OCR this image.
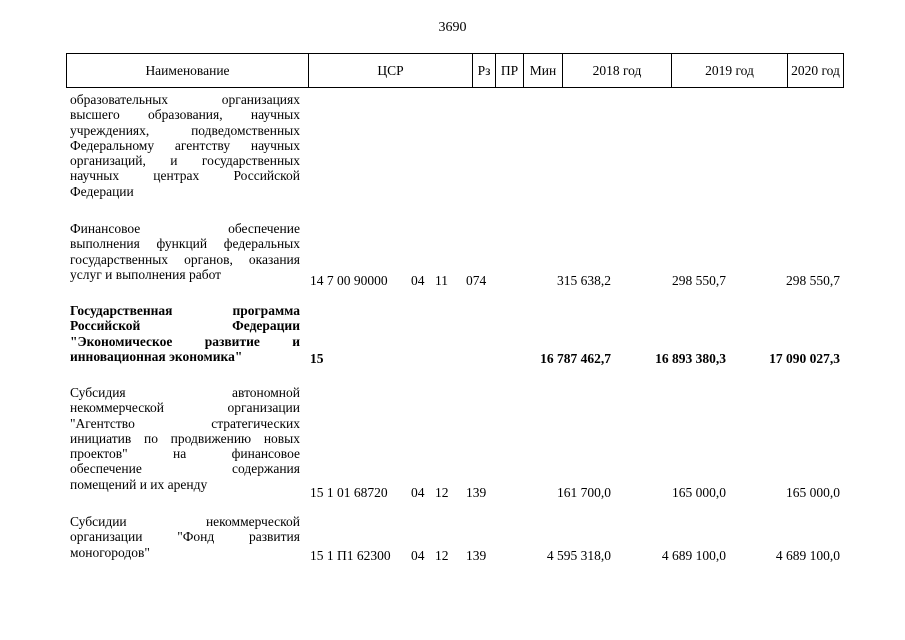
3690
Наименование	ЦСР	Рз ПР Мин	2018 год	2019 год	2020 год
образовательных организациях
высшего образования, научных
учреждениях, подведомственных
Федеральному агентству научных
организаций, и государственных
научных центрах Российской
Федерации
Финансовое обеспечение
выполнения функций федеральных
государственных органов, оказания
услуг и выполнения работ	14 7 00 90000 04 11 074	315 638,2	298 550,7	298 550,7
Государственная программа
Российской Федерации
"Экономическое развитие и
инновационная экономика"	15	16 787 462,7	16 893 380,3	17 090 027,3
Субсидия автономной
некоммерческой организации
"Агентство стратегических
инициатив по продвижению новых
проектов" на финансовое
обеспечение содержания
помещений и их аренду
15 1 01 68720 04 12 139	161 700,0	165 000,0	165 000,0
Субсидии некоммерческой
организации "Фонд развития
моногородов"	15 1 П1 62300 04 12 139	4 595 318,0	4 689 100,0	4 689 100,0
